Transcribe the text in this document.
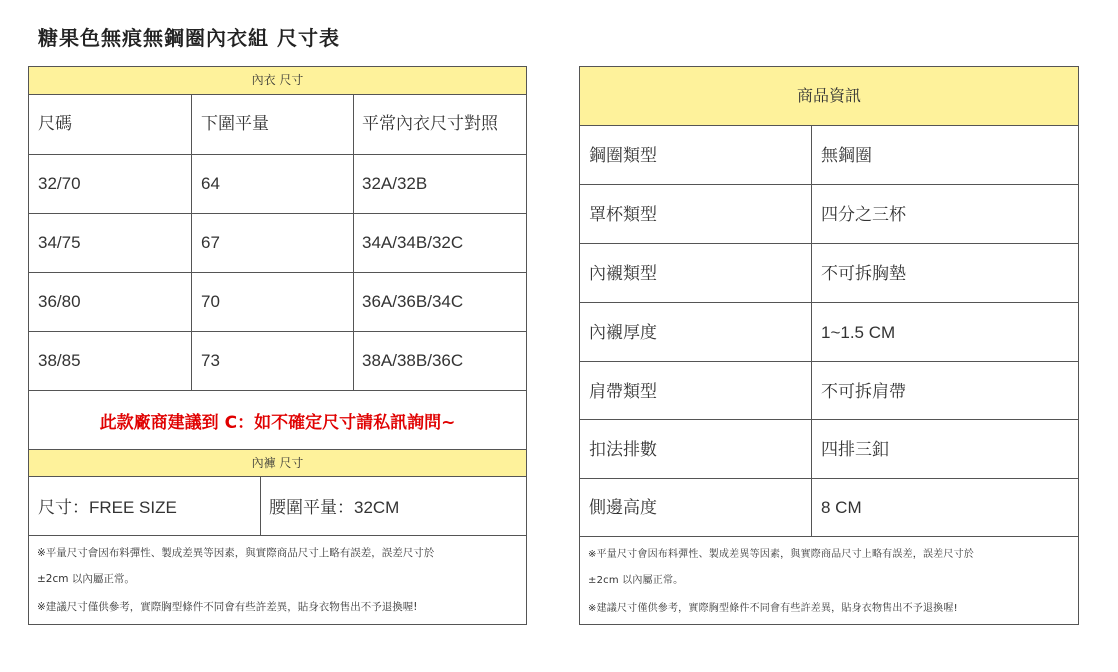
糖果色無痕無鋼圈內衣組 尺寸表
內衣 尺寸
尺碼	下圍平量	平常內衣尺寸對照
32/70	64	32A/32B
34/75	67	34A/34B/32C
36/80	70	36A/36B/34C
38/85	73	38A/38B/36C
此款廠商建議到 C：如不確定尺寸請私訊詢問~
內褲 尺寸
尺寸：FREE SIZE	腰圍平量：32CM
※平量尺寸會因布料彈性、製成差異等因素，與實際商品尺寸上略有誤差，誤差尺寸於
±2cm 以內屬正常。
※建議尺寸僅供參考，實際胸型條件不同會有些許差異，貼身衣物售出不予退換喔!
商品資訊
鋼圈類型	無鋼圈
罩杯類型	四分之三杯
內襯類型	不可拆胸墊
內襯厚度	1~1.5 CM
肩帶類型	不可拆肩帶
扣法排數	四排三釦
側邊高度	8 CM
※平量尺寸會因布料彈性、製成差異等因素，與實際商品尺寸上略有誤差，誤差尺寸於
±2cm 以內屬正常。
※建議尺寸僅供參考，實際胸型條件不同會有些許差異，貼身衣物售出不予退換喔!
